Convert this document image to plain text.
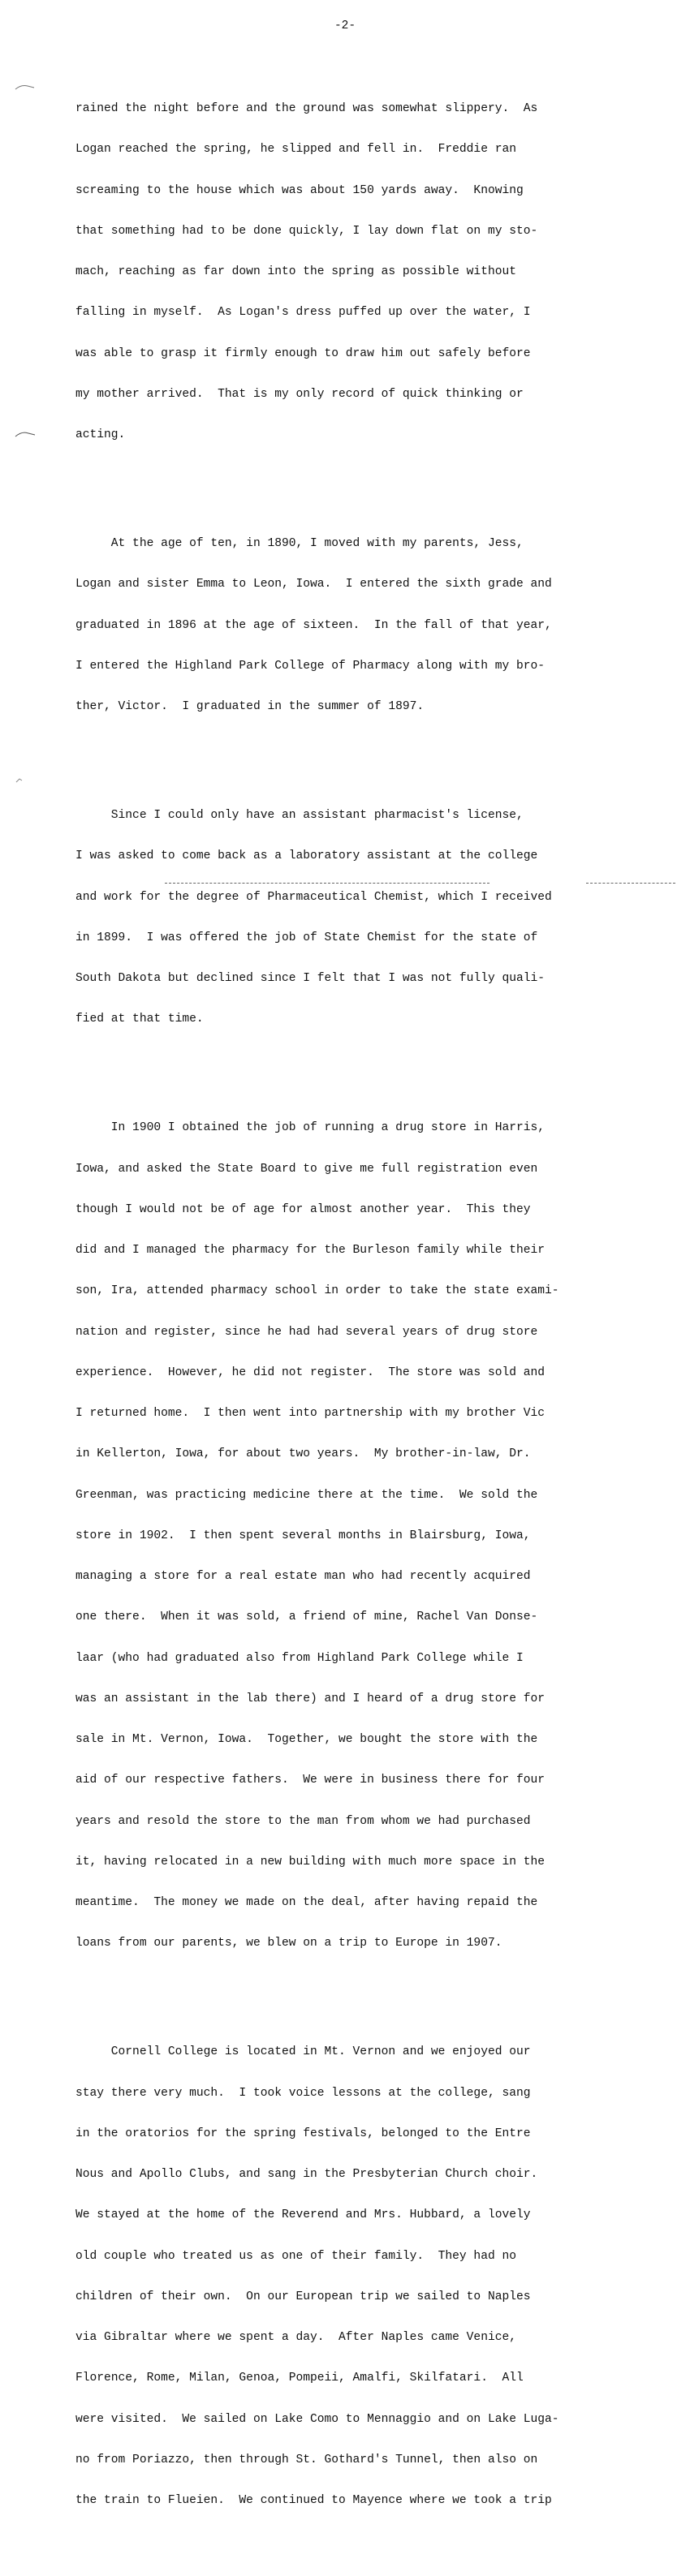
-2-

rained the night before and the ground was somewhat slippery.  As

Logan reached the spring, he slipped and fell in.  Freddie ran

screaming to the house which was about 150 yards away.  Knowing

that something had to be done quickly, I lay down flat on my sto-

mach, reaching as far down into the spring as possible without

falling in myself.  As Logan's dress puffed up over the water, I

was able to grasp it firmly enough to draw him out safely before

my mother arrived.  That is my only record of quick thinking or

acting.

At the age of ten, in 1890, I moved with my parents, Jess,

Logan and sister Emma to Leon, Iowa.  I entered the sixth grade and

graduated in 1896 at the age of sixteen.  In the fall of that year,

I entered the Highland Park College of Pharmacy along with my bro-

ther, Victor.  I graduated in the summer of 1897.

Since I could only have an assistant pharmacist's license,

I was asked to come back as a laboratory assistant at the college

and work for the degree of Pharmaceutical Chemist, which I received

in 1899.  I was offered the job of State Chemist for the state of

South Dakota but declined since I felt that I was not fully quali-

fied at that time.

In 1900 I obtained the job of running a drug store in Harris,

Iowa, and asked the State Board to give me full registration even

though I would not be of age for almost another year.  This they

did and I managed the pharmacy for the Burleson family while their

son, Ira, attended pharmacy school in order to take the state exami-

nation and register, since he had had several years of drug store

experience.  However, he did not register.  The store was sold and

I returned home.  I then went into partnership with my brother Vic

in Kellerton, Iowa, for about two years.  My brother-in-law, Dr.

Greenman, was practicing medicine there at the time.  We sold the

store in 1902.  I then spent several months in Blairsburg, Iowa,

managing a store for a real estate man who had recently acquired

one there.  When it was sold, a friend of mine, Rachel Van Donse-

laar (who had graduated also from Highland Park College while I

was an assistant in the lab there) and I heard of a drug store for

sale in Mt. Vernon, Iowa.  Together, we bought the store with the

aid of our respective fathers.  We were in business there for four

years and resold the store to the man from whom we had purchased

it, having relocated in a new building with much more space in the

meantime.  The money we made on the deal, after having repaid the

loans from our parents, we blew on a trip to Europe in 1907.

Cornell College is located in Mt. Vernon and we enjoyed our

stay there very much.  I took voice lessons at the college, sang

in the oratorios for the spring festivals, belonged to the Entre

Nous and Apollo Clubs, and sang in the Presbyterian Church choir.

We stayed at the home of the Reverend and Mrs. Hubbard, a lovely

old couple who treated us as one of their family.  They had no

children of their own.  On our European trip we sailed to Naples

via Gibraltar where we spent a day.  After Naples came Venice,

Florence, Rome, Milan, Genoa, Pompeii, Amalfi, Skilfatari.  All

were visited.  We sailed on Lake Como to Mennaggio and on Lake Luga-

no from Poriazzo, then through St. Gothard's Tunnel, then also on

the train to Flueien.  We continued to Mayence where we took a trip
